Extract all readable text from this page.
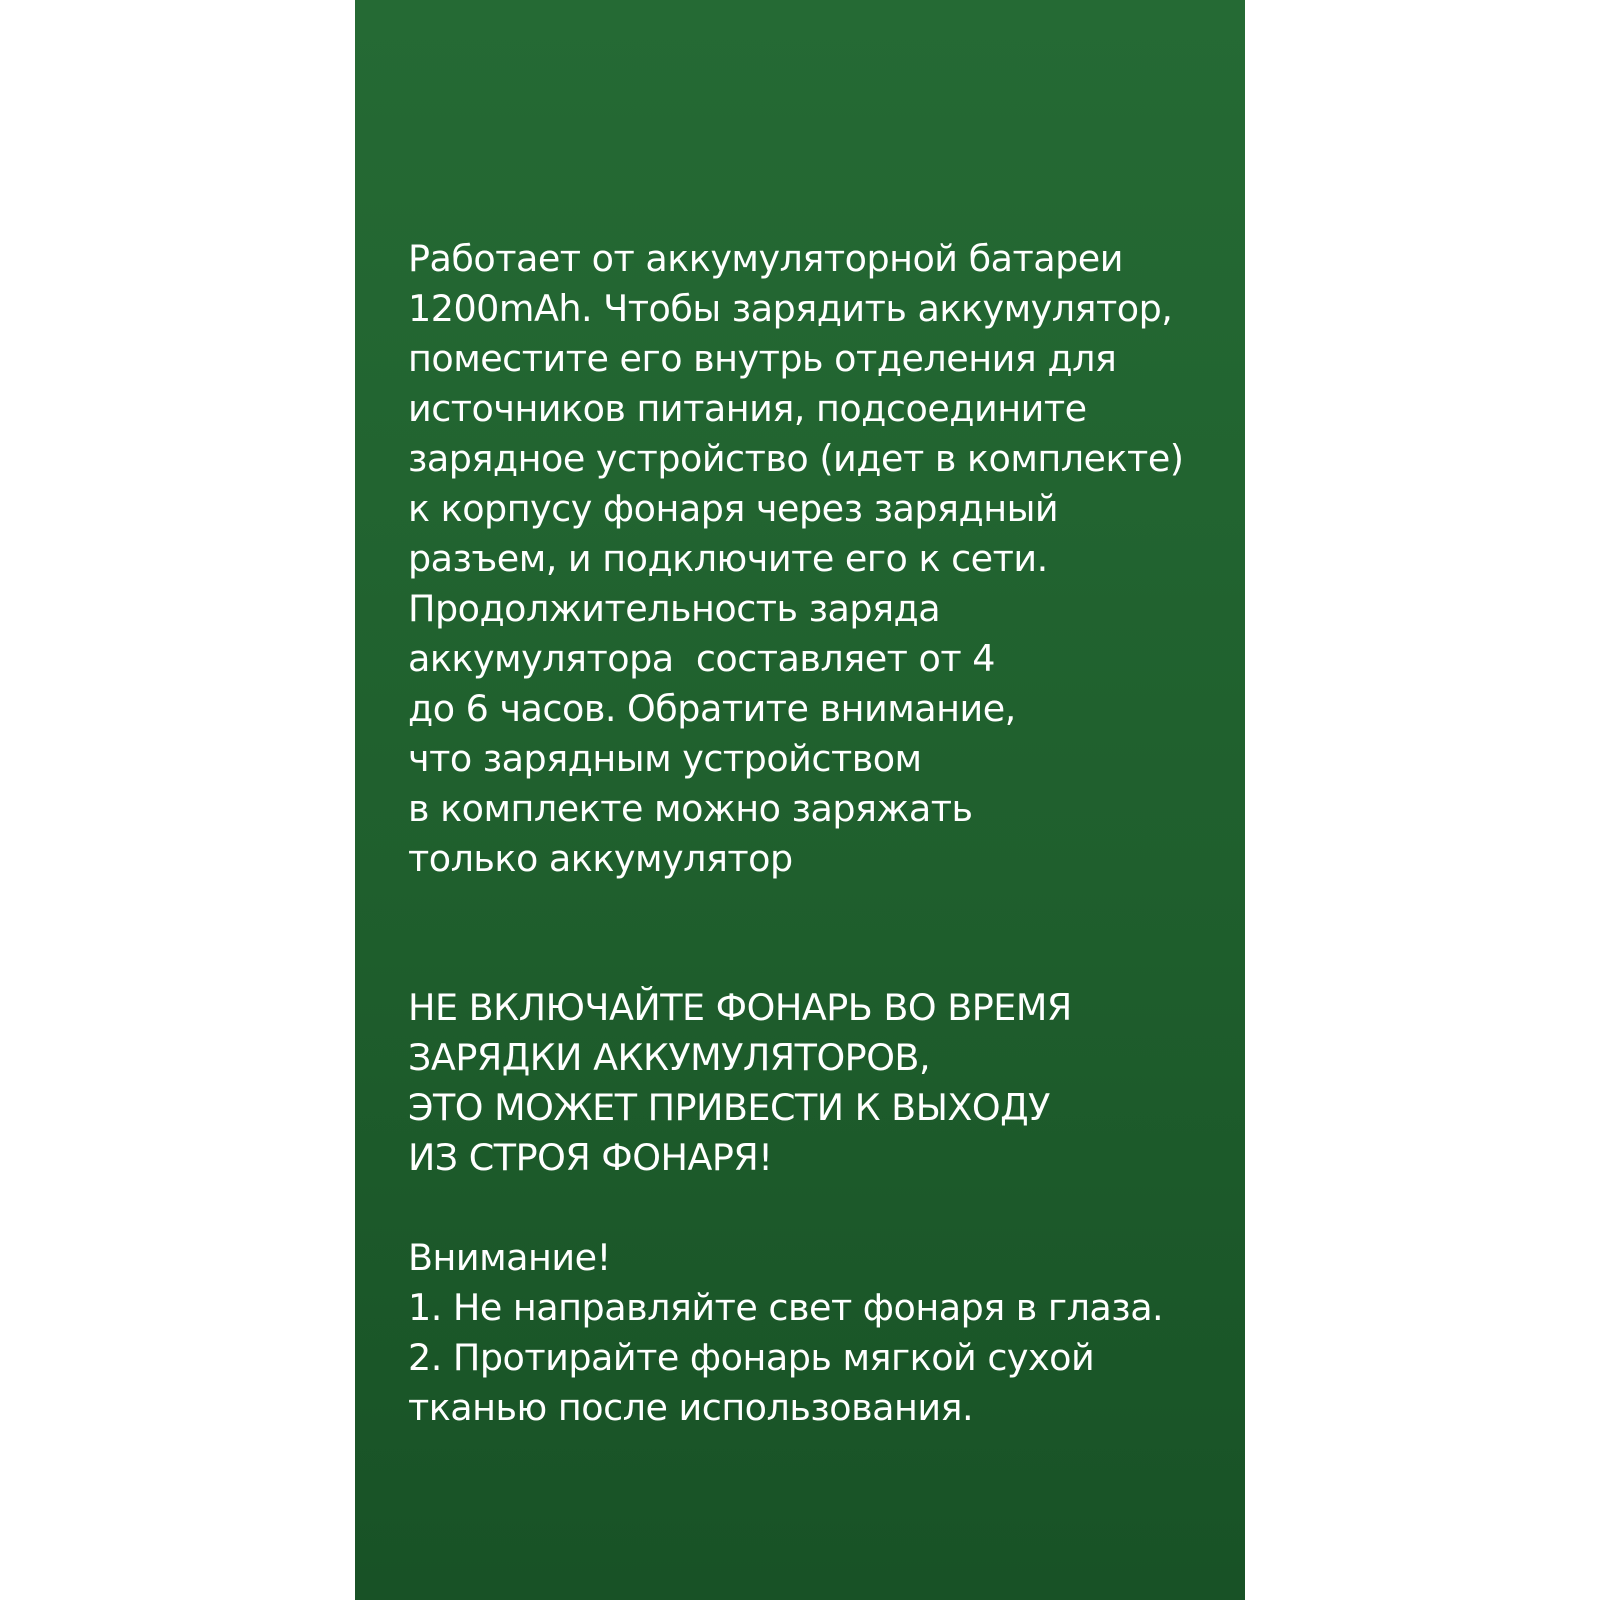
Работает от аккумуляторной батареи
1200mAh. Чтобы зарядить аккумулятор,
поместите его внутрь отделения для
источников питания, подсоедините
зарядное устройство (идет в комплекте)
к корпусу фонаря через зарядный
разъем, и подключите его к сети.
Продолжительность заряда
аккумулятора  составляет от 4
до 6 часов. Обратите внимание,
что зарядным устройством
в комплекте можно заряжать
только аккумулятор
НЕ ВКЛЮЧАЙТЕ ФОНАРЬ ВО ВРЕМЯ
ЗАРЯДКИ АККУМУЛЯТОРОВ,
ЭТО МОЖЕТ ПРИВЕСТИ К ВЫХОДУ
ИЗ СТРОЯ ФОНАРЯ!
Внимание!
1. Не направляйте свет фонаря в глаза.
2. Протирайте фонарь мягкой сухой
тканью после использования.
